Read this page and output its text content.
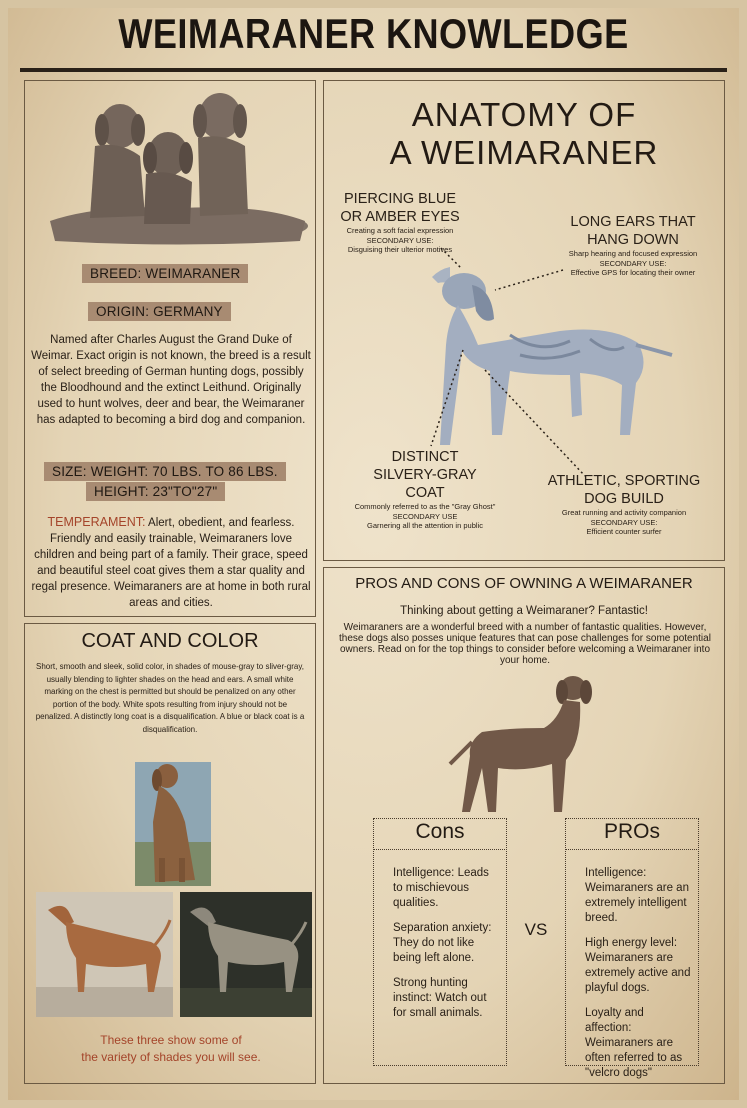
WEIMARANER KNOWLEDGE
BREED: WEIMARANER
ORIGIN: GERMANY
Named after Charles August the Grand Duke of Weimar. Exact origin is not known, the breed is a result of select breeding of German hunting dogs, possibly the Bloodhound and the extinct Leithund. Originally used to hunt wolves, deer and bear, the Weimaraner has adapted to becoming a bird dog and companion.
SIZE: WEIGHT: 70 LBS. TO 86 LBS.
HEIGHT: 23"TO"27"
TEMPERAMENT: Alert, obedient, and fearless. Friendly and easily trainable, Weimaraners love children and being part of a family. Their grace, speed and beautiful steel coat gives them a star quality and regal presence. Weimaraners are at home in both rural areas and cities.
COAT AND COLOR
Short, smooth and sleek, solid color, in shades of mouse-gray to sliver-gray, usually blending to lighter shades on the head and ears. A small white marking on the chest is permitted but should be penalized on any other portion of the body. White spots resulting from injury should not be penalized. A distinctly long coat is a disqualification. A blue or black coat is a disqualification.
These three show some of
the variety of shades you will see.
ANATOMY OF
A WEIMARANER
PIERCING BLUE
OR AMBER EYES
Creating a soft facial expression
SECONDARY USE:
Disguising their ulterior motives
LONG EARS THAT
HANG DOWN
Sharp hearing and focused expression
SECONDARY USE:
Effective GPS for locating their owner
DISTINCT
SILVERY-GRAY
COAT
Commonly referred to as the "Gray Ghost"
SECONDARY USE
Garnering all the attention in public
ATHLETIC, SPORTING
DOG BUILD
Great running and activity companion
SECONDARY USE:
Efficient counter surfer
PROS AND CONS OF OWNING A WEIMARANER
Thinking about getting a Weimaraner? Fantastic!
Weimaraners are a wonderful breed with a number of fantastic qualities. However, these dogs also posses unique features that can pose challenges for some potential owners. Read on for the top things to consider before welcoming a Weimaraner into your home.
Cons	PROs
VS
Intelligence: Leads to mischievous qualities.
Separation anxiety: They do not like being left alone.
Strong hunting instinct: Watch out for small animals.
Intelligence: Weimaraners are an extremely intelligent breed.
High energy level: Weimaraners are extremely active and playful dogs.
Loyalty and affection: Weimaraners are often referred to as "velcro dogs"
